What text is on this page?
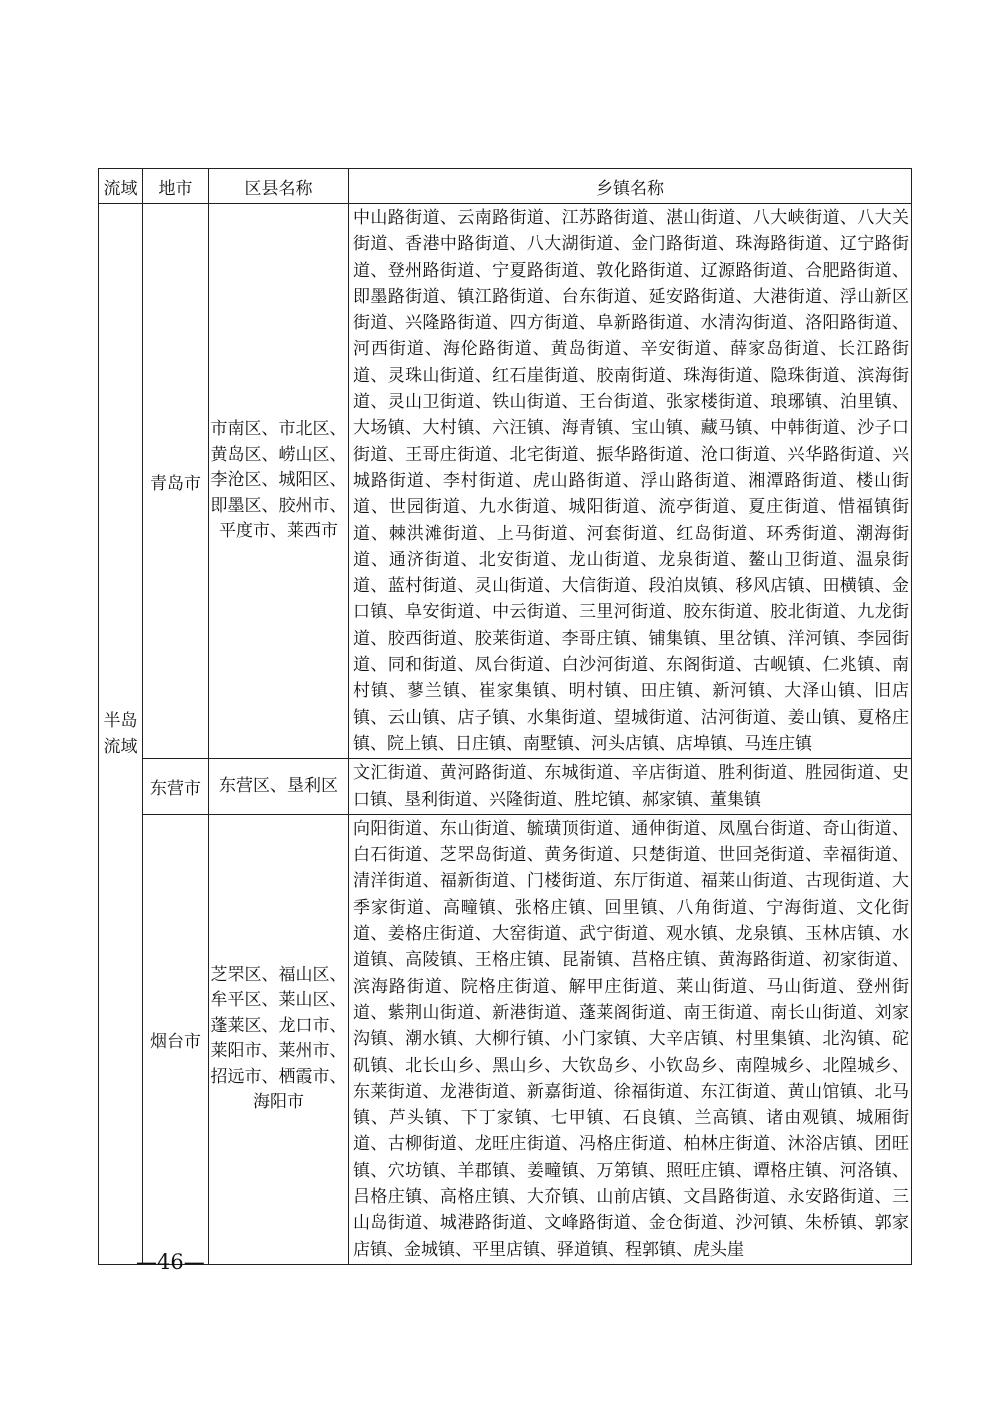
流域	地市	区县名称	乡镇名称
半岛流域	青岛市	市南区、市北区、黄岛区、崂山区、李沧区、城阳区、即墨区、胶州市、平度市、莱西市	中山路街道、云南路街道、江苏路街道、湛山街道、八大峡街道、八大关街道、香港中路街道、八大湖街道、金门路街道、珠海路街道、辽宁路街道、登州路街道、宁夏路街道、敦化路街道、辽源路街道、合肥路街道、即墨路街道、镇江路街道、台东街道、延安路街道、大港街道、浮山新区街道、兴隆路街道、四方街道、阜新路街道、水清沟街道、洛阳路街道、河西街道、海伦路街道、黄岛街道、辛安街道、薛家岛街道、长江路街道、灵珠山街道、红石崖街道、胶南街道、珠海街道、隐珠街道、滨海街道、灵山卫街道、铁山街道、王台街道、张家楼街道、琅琊镇、泊里镇、大场镇、大村镇、六汪镇、海青镇、宝山镇、藏马镇、中韩街道、沙子口街道、王哥庄街道、北宅街道、振华路街道、沧口街道、兴华路街道、兴城路街道、李村街道、虎山路街道、浮山路街道、湘潭路街道、楼山街道、世园街道、九水街道、城阳街道、流亭街道、夏庄街道、惜福镇街道、棘洪滩街道、上马街道、河套街道、红岛街道、环秀街道、潮海街道、通济街道、北安街道、龙山街道、龙泉街道、鳌山卫街道、温泉街道、蓝村街道、灵山街道、大信街道、段泊岚镇、移风店镇、田横镇、金口镇、阜安街道、中云街道、三里河街道、胶东街道、胶北街道、九龙街道、胶西街道、胶莱街道、李哥庄镇、铺集镇、里岔镇、洋河镇、李园街道、同和街道、凤台街道、白沙河街道、东阁街道、古岘镇、仁兆镇、南村镇、蓼兰镇、崔家集镇、明村镇、田庄镇、新河镇、大泽山镇、旧店镇、云山镇、店子镇、水集街道、望城街道、沽河街道、姜山镇、夏格庄镇、院上镇、日庄镇、南墅镇、河头店镇、店埠镇、马连庄镇
	东营市	东营区、垦利区	文汇街道、黄河路街道、东城街道、辛店街道、胜利街道、胜园街道、史口镇、垦利街道、兴隆街道、胜坨镇、郝家镇、董集镇
	烟台市	芝罘区、福山区、牟平区、莱山区、蓬莱区、龙口市、莱阳市、莱州市、招远市、栖霞市、海阳市	向阳街道、东山街道、毓璜顶街道、通伸街道、凤凰台街道、奇山街道、白石街道、芝罘岛街道、黄务街道、只楚街道、世回尧街道、幸福街道、清洋街道、福新街道、门楼街道、东厅街道、福莱山街道、古现街道、大季家街道、高疃镇、张格庄镇、回里镇、八角街道、宁海街道、文化街道、姜格庄街道、大窑街道、武宁街道、观水镇、龙泉镇、玉林店镇、水道镇、高陵镇、王格庄镇、昆嵛镇、莒格庄镇、黄海路街道、初家街道、滨海路街道、院格庄街道、解甲庄街道、莱山街道、马山街道、登州街道、紫荆山街道、新港街道、蓬莱阁街道、南王街道、南长山街道、刘家沟镇、潮水镇、大柳行镇、小门家镇、大辛店镇、村里集镇、北沟镇、砣矶镇、北长山乡、黑山乡、大钦岛乡、小钦岛乡、南隍城乡、北隍城乡、东莱街道、龙港街道、新嘉街道、徐福街道、东江街道、黄山馆镇、北马镇、芦头镇、下丁家镇、七甲镇、石良镇、兰高镇、诸由观镇、城厢街道、古柳街道、龙旺庄街道、冯格庄街道、柏林庄街道、沐浴店镇、团旺镇、穴坊镇、羊郡镇、姜疃镇、万第镇、照旺庄镇、谭格庄镇、河洛镇、吕格庄镇、高格庄镇、大夼镇、山前店镇、文昌路街道、永安路街道、三山岛街道、城港路街道、文峰路街道、金仓街道、沙河镇、朱桥镇、郭家店镇、金城镇、平里店镇、驿道镇、程郭镇、虎头崖
—46—
